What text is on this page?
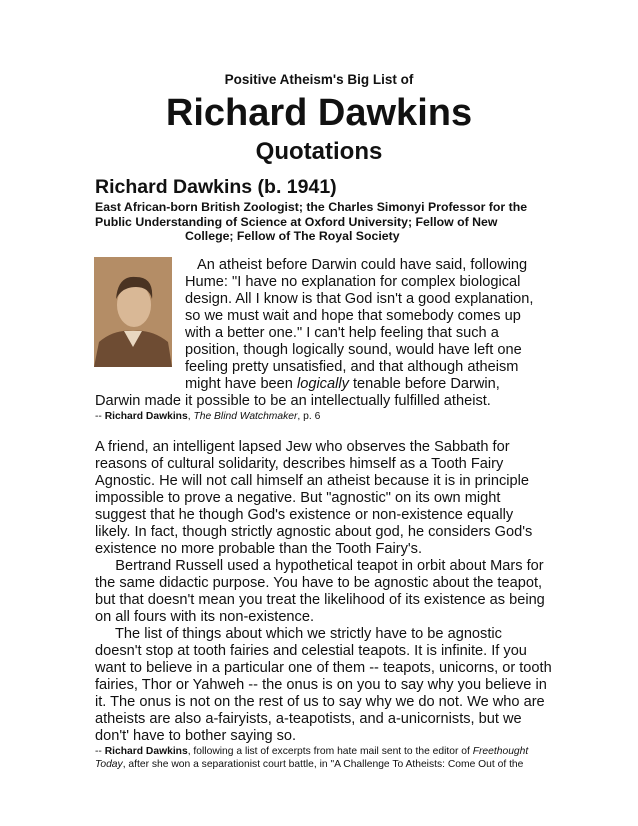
Positive Atheism's Big List of
Richard Dawkins
Quotations
Richard Dawkins (b. 1941)
East African-born British Zoologist; the Charles Simonyi Professor for the
Public Understanding of Science at Oxford University; Fellow of New
College; Fellow of The Royal Society
An atheist before Darwin could have said, following
Hume: "I have no explanation for complex biological
design. All I know is that God isn't a good explanation,
so we must wait and hope that somebody comes up
with a better one." I can't help feeling that such a
position, though logically sound, would have left one
feeling pretty unsatisfied, and that although atheism
might have been logically tenable before Darwin,
Darwin made it possible to be an intellectually fulfilled atheist.
-- Richard Dawkins, The Blind Watchmaker, p. 6
A friend, an intelligent lapsed Jew who observes the Sabbath for
reasons of cultural solidarity, describes himself as a Tooth Fairy
Agnostic. He will not call himself an atheist because it is in principle
impossible to prove a negative. But "agnostic" on its own might
suggest that he though God's existence or non-existence equally
likely. In fact, though strictly agnostic about god, he considers God's
existence no more probable than the Tooth Fairy's.
Bertrand Russell used a hypothetical teapot in orbit about Mars for
the same didactic purpose. You have to be agnostic about the teapot,
but that doesn't mean you treat the likelihood of its existence as being
on all fours with its non-existence.
The list of things about which we strictly have to be agnostic
doesn't stop at tooth fairies and celestial teapots. It is infinite. If you
want to believe in a particular one of them -- teapots, unicorns, or tooth
fairies, Thor or Yahweh -- the onus is on you to say why you believe in
it. The onus is not on the rest of us to say why we do not. We who are
atheists are also a-fairyists, a-teapotists, and a-unicornists, but we
don't' have to bother saying so.
-- Richard Dawkins, following a list of excerpts from hate mail sent to the editor of Freethought
Today, after she won a separationist court battle, in "A Challenge To Atheists: Come Out of the
